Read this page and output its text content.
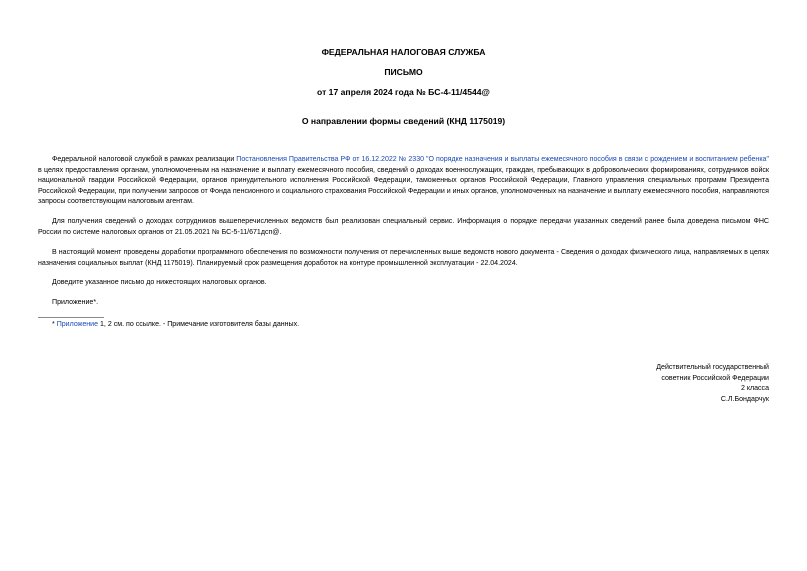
ФЕДЕРАЛЬНАЯ НАЛОГОВАЯ СЛУЖБА
ПИСЬМО
от 17 апреля 2024 года № БС-4-11/4544@
О направлении формы сведений (КНД 1175019)
Федеральной налоговой службой в рамках реализации Постановления Правительства РФ от 16.12.2022 № 2330 "О порядке назначения и выплаты ежемесячного пособия в связи с рождением и воспитанием ребенка" в целях предоставления органам, уполномоченным на назначение и выплату ежемесячного пособия, сведений о доходах военнослужащих, граждан, пребывающих в добровольческих формированиях, сотрудников войск национальной гвардии Российской Федерации, органов принудительного исполнения Российской Федерации, таможенных органов Российской Федерации, Главного управления специальных программ Президента Российской Федерации, при получении запросов от Фонда пенсионного и социального страхования Российской Федерации и иных органов, уполномоченных на назначение и выплату ежемесячного пособия, направляются запросы соответствующим налоговым агентам.
Для получения сведений о доходах сотрудников вышеперечисленных ведомств был реализован специальный сервис. Информация о порядке передачи указанных сведений ранее была доведена письмом ФНС России по системе налоговых органов от 21.05.2021 № БС-5-11/671дсп@.
В настоящий момент проведены доработки программного обеспечения по возможности получения от перечисленных выше ведомств нового документа - Сведения о доходах физического лица, направляемых в целях назначения социальных выплат (КНД 1175019). Планируемый срок размещения доработок на контуре промышленной эксплуатации - 22.04.2024.
Доведите указанное письмо до нижестоящих налоговых органов.
Приложение*.
* Приложение 1, 2 см. по ссылке. - Примечание изготовителя базы данных.
Действительный государственный
советник Российской Федерации
2 класса
С.Л.Бондарчук
